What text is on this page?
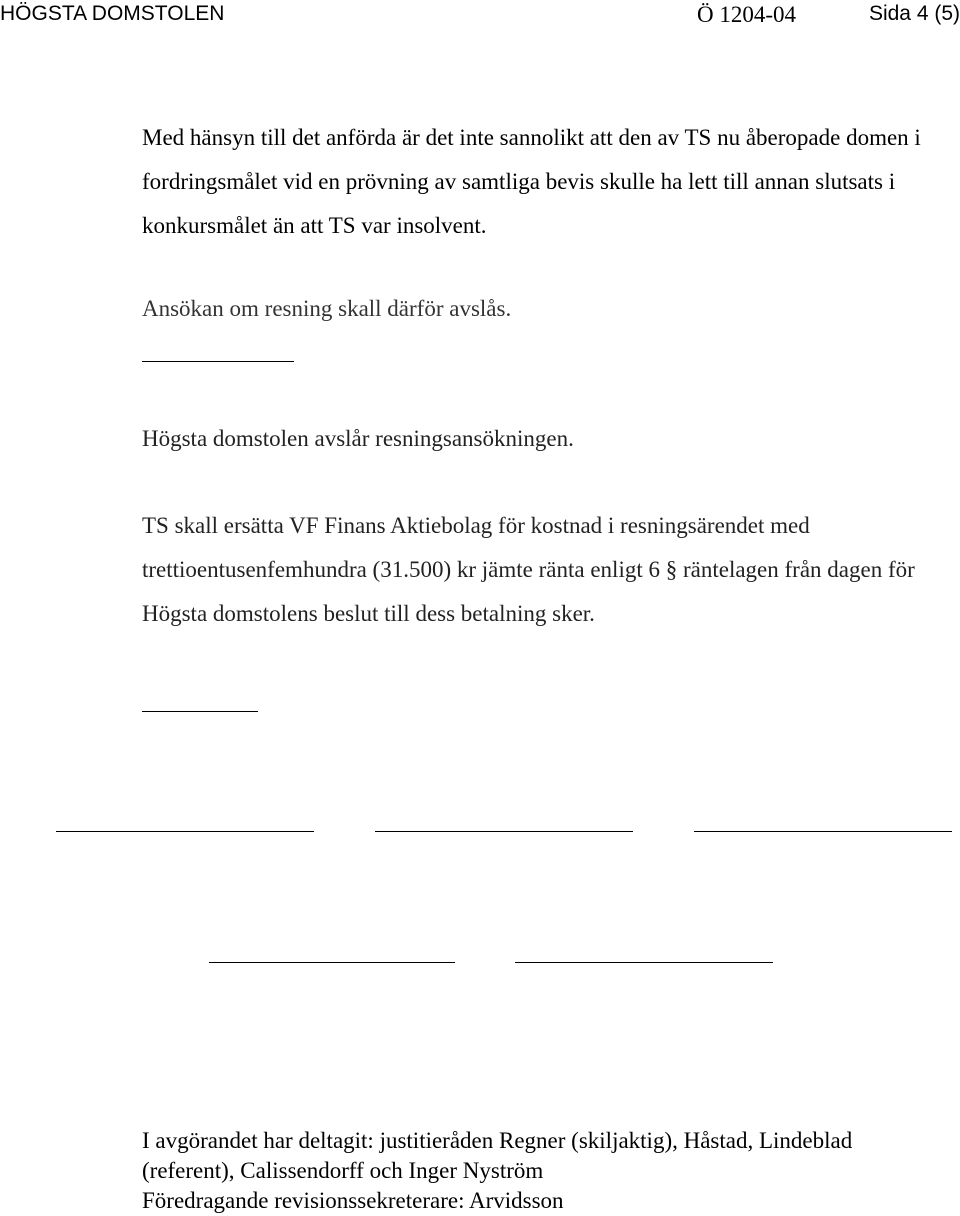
HÖGSTA DOMSTOLEN	Ö 1204-04	Sida 4 (5)
Med hänsyn till det anförda är det inte sannolikt att den av TS nu åberopade domen i fordringsmålet vid en prövning av samtliga bevis skulle ha lett till annan slutsats i konkursmålet än att TS var insolvent.
Ansökan om resning skall därför avslås.
Högsta domstolen avslår resningsansökningen.
TS skall ersätta VF Finans Aktiebolag för kostnad i resningsärendet med trettioentusenfemhundra (31.500) kr jämte ränta enligt 6 § räntelagen från dagen för Högsta domstolens beslut till dess betalning sker.
I avgörandet har deltagit: justitieråden Regner (skiljaktig), Håstad, Lindeblad
(referent), Calissendorff och Inger Nyström
Föredragande revisionssekreterare: Arvidsson
